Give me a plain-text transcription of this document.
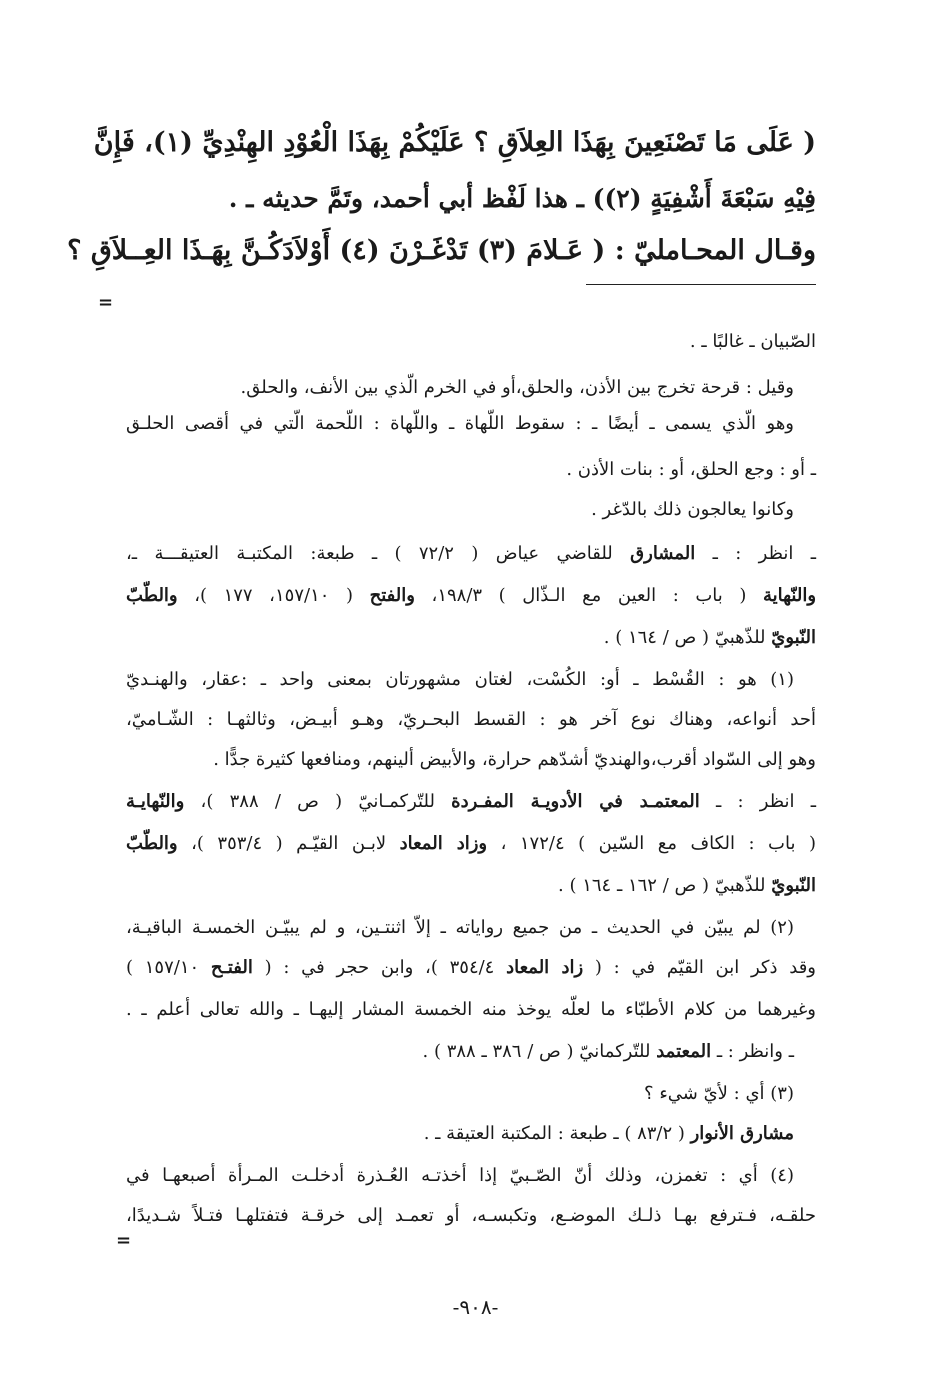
( عَلَى مَا تَصْنَعِينَ بِهَذَا العِلاَقِ ؟ عَلَيْكُمْ بِهَذَا الْعُوْدِ الهِنْدِيِّ (١)، فَإِنَّ
فِيْهِ سَبْعَةَ أَشْفِيَةٍ (٢)) ـ هذا لَفْظ أبي أحمد، وتَمَّ حديثه ـ .
وقـال المحـامليّ : ( عَـلامَ (٣) تَدْغَـرْنَ (٤) أَوْلاَدَكُـنَّ بِهَـذَا العِــلاَقِ ؟
=
الصّبيان ـ غالبًا ـ .
وقيل : قرحة تخرج بين الأذن، والحلق،أو في الخرم الّذي بين الأنف، والحلق.
وهو الّذي يسمى ـ أيضًا ـ : سقوط اللّهاة ـ واللّهاة : اللّحمة الّتي في أقصى الحلـق
ـ أو : وجع الحلق، أو : بنات الأذن .
وكانوا يعالجون ذلك بالدّغر .
ـ انظر : ـ المشارق للقاضي عياض ( ٧٢/٢ ) ـ طبعة: المكتبـة العتيقـــة ـ،
والنّهاية ( باب : العين مع الـذّال ) ١٩٨/٣، والفتح ( ١٥٧/١٠، ١٧٧ )، والطّبّ
النّبويّ للذّهبيّ ( ص / ١٦٤ ) .
(١) هو : القُسْط ـ أو: الكُسْت، لغتان مشهورتان بمعنى واحد ـ :عقار، والهنـديّ
أحد أنواعه، وهناك نوع آخر هو : القسط البحـريّ، وهـو أبيـض، وثالثهـا : الشّـاميّ،
وهو إلى السّواد أقرب،والهنديّ أشدّهم حرارة، والأبيض ألينهم، ومنافعها كثيرة جدًّا .
ـ انظر : ـ المعتمـد في الأدويـة المفـردة للتّركمـانيّ ( ص / ٣٨٨ )، والنّهايـة
( باب : الكاف مع السّين ) ١٧٢/٤ ، وزاد المعاد لابـن القيّـم ( ٣٥٣/٤ )، والطّبّ
النّبويّ للذّهبيّ ( ص / ١٦٢ ـ ١٦٤ ) .
(٢) لم يبيّن في الحديث ـ من جميع رواياته ـ إلاّ اثنتـين، و لم يبيّـن الخمسـة الباقيـة،
وقد ذكر ابن القيّم في : ( زاد المعاد ٣٥٤/٤ )، وابن حجر في : ( الفتـح ١٥٧/١٠ )
وغيرهما من كلام الأطبّاء ما لعلّه يوخذ منه الخمسة المشار إليهـا ـ والله تعالى أعلم ـ .
ـ وانظر : ـ المعتمد للتّركمانيّ ( ص / ٣٨٦ ـ ٣٨٨ ) .
(٣) أي : لأيّ شيء ؟
مشارق الأنوار ( ٨٣/٢ ) ـ طبعة : المكتبة العتيقة ـ .
(٤) أي : تغمزن، وذلك أنّ الصّـبيّ إذا أخذتـه العُـذرة أدخلـت المـرأة أصبعهـا في
حلقـه، فـترفع بهـا ذلـك الموضـع، وتكبسـه، أو تعمـد إلى خرقـة فتفتلهـا فتـلاً شـديدًا،
=
-٩٠٨-
